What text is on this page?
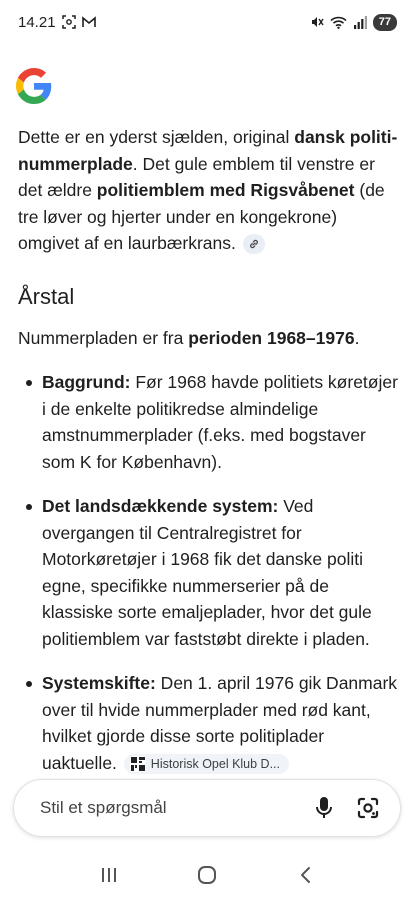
14.21	77

Dette er en yderst sjælden, original dansk politi-nummerplade. Det gule emblem til venstre er det ældre politiemblem med Rigsvåbenet (de tre løver og hjerter under en kongekrone) omgivet af en laurbærkrans.

Årstal

Nummerpladen er fra perioden 1968–1976.

Baggrund: Før 1968 havde politiets køretøjer i de enkelte politikredse almindelige amstnummerplader (f.eks. med bogstaver som K for København).
Det landsdækkende system: Ved overgangen til Centralregistret for Motorkøretøjer i 1968 fik det danske politi egne, specifikke nummerserier på de klassiske sorte emaljeplader, hvor det gule politiemblem var faststøbt direkte i pladen.
Systemskifte: Den 1. april 1976 gik Danmark over til hvide nummerplader med rød kant, hvilket gjorde disse sorte politiplader uaktuelle.	Historisk Opel Klub D...
Stil et spørgsmål
